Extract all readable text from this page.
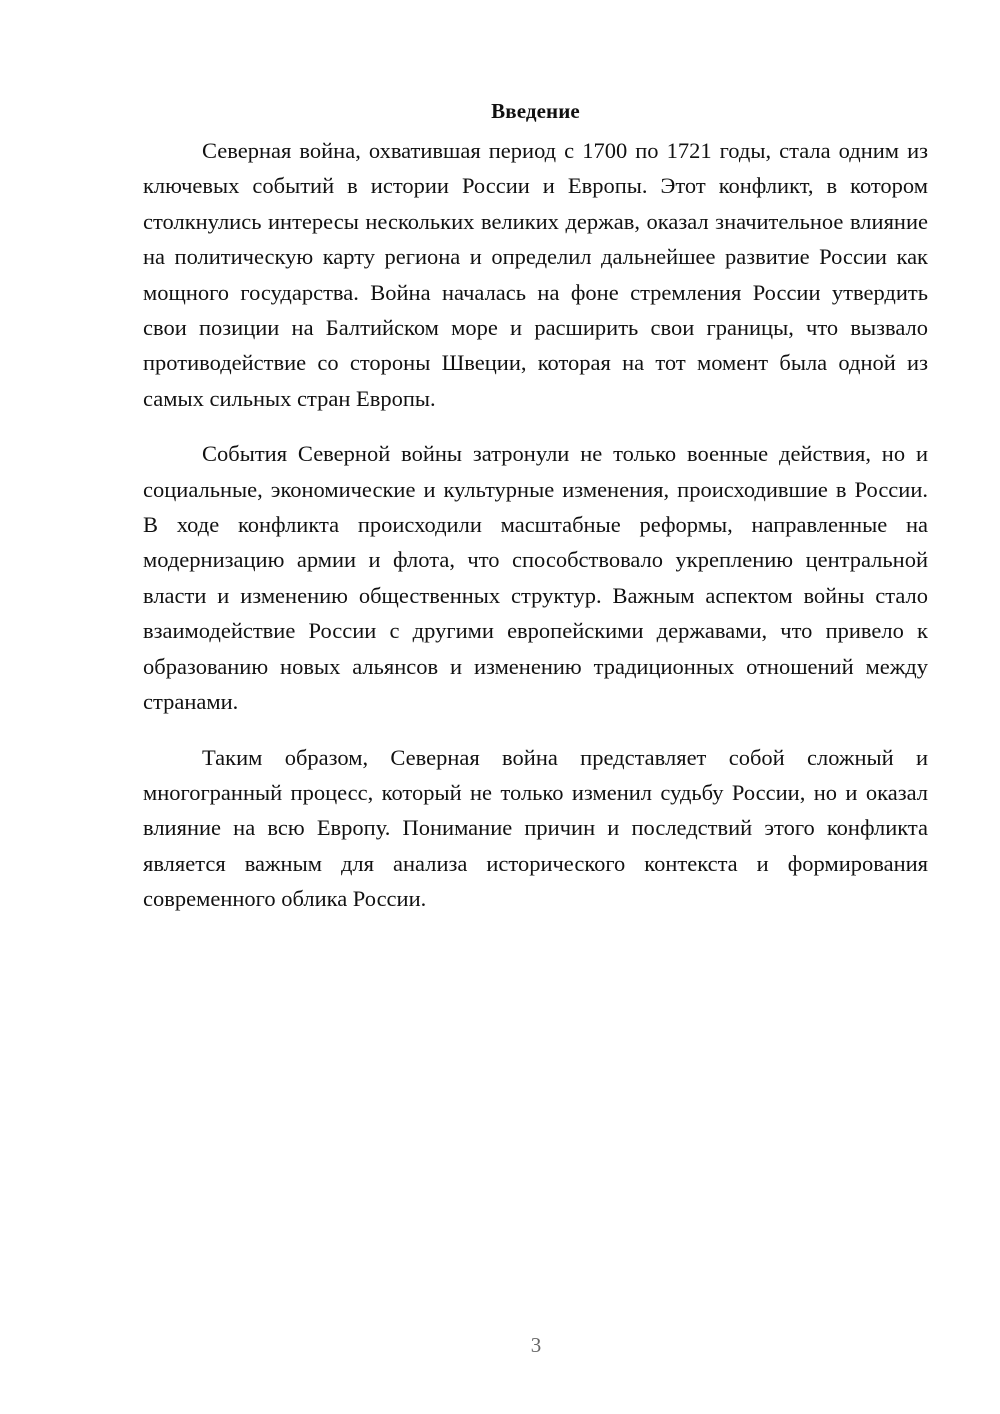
Введение

Северная война, охватившая период с 1700 по 1721 годы, стала одним из ключевых событий в истории России и Европы. Этот конфликт, в котором столкнулись интересы нескольких великих держав, оказал значительное влияние на политическую карту региона и определил дальнейшее развитие России как мощного государства. Война началась на фоне стремления России утвердить свои позиции на Балтийском море и расширить свои границы, что вызвало противодействие со стороны Швеции, которая на тот момент была одной из самых сильных стран Европы.

События Северной войны затронули не только военные действия, но и социальные, экономические и культурные изменения, происходившие в России. В ходе конфликта происходили масштабные реформы, направленные на модернизацию армии и флота, что способствовало укреплению центральной власти и изменению общественных структур. Важным аспектом войны стало взаимодействие России с другими европейскими державами, что привело к образованию новых альянсов и изменению традиционных отношений между странами.

Таким образом, Северная война представляет собой сложный и многогранный процесс, который не только изменил судьбу России, но и оказал влияние на всю Европу. Понимание причин и последствий этого конфликта является важным для анализа исторического контекста и формирования современного облика России.

3
